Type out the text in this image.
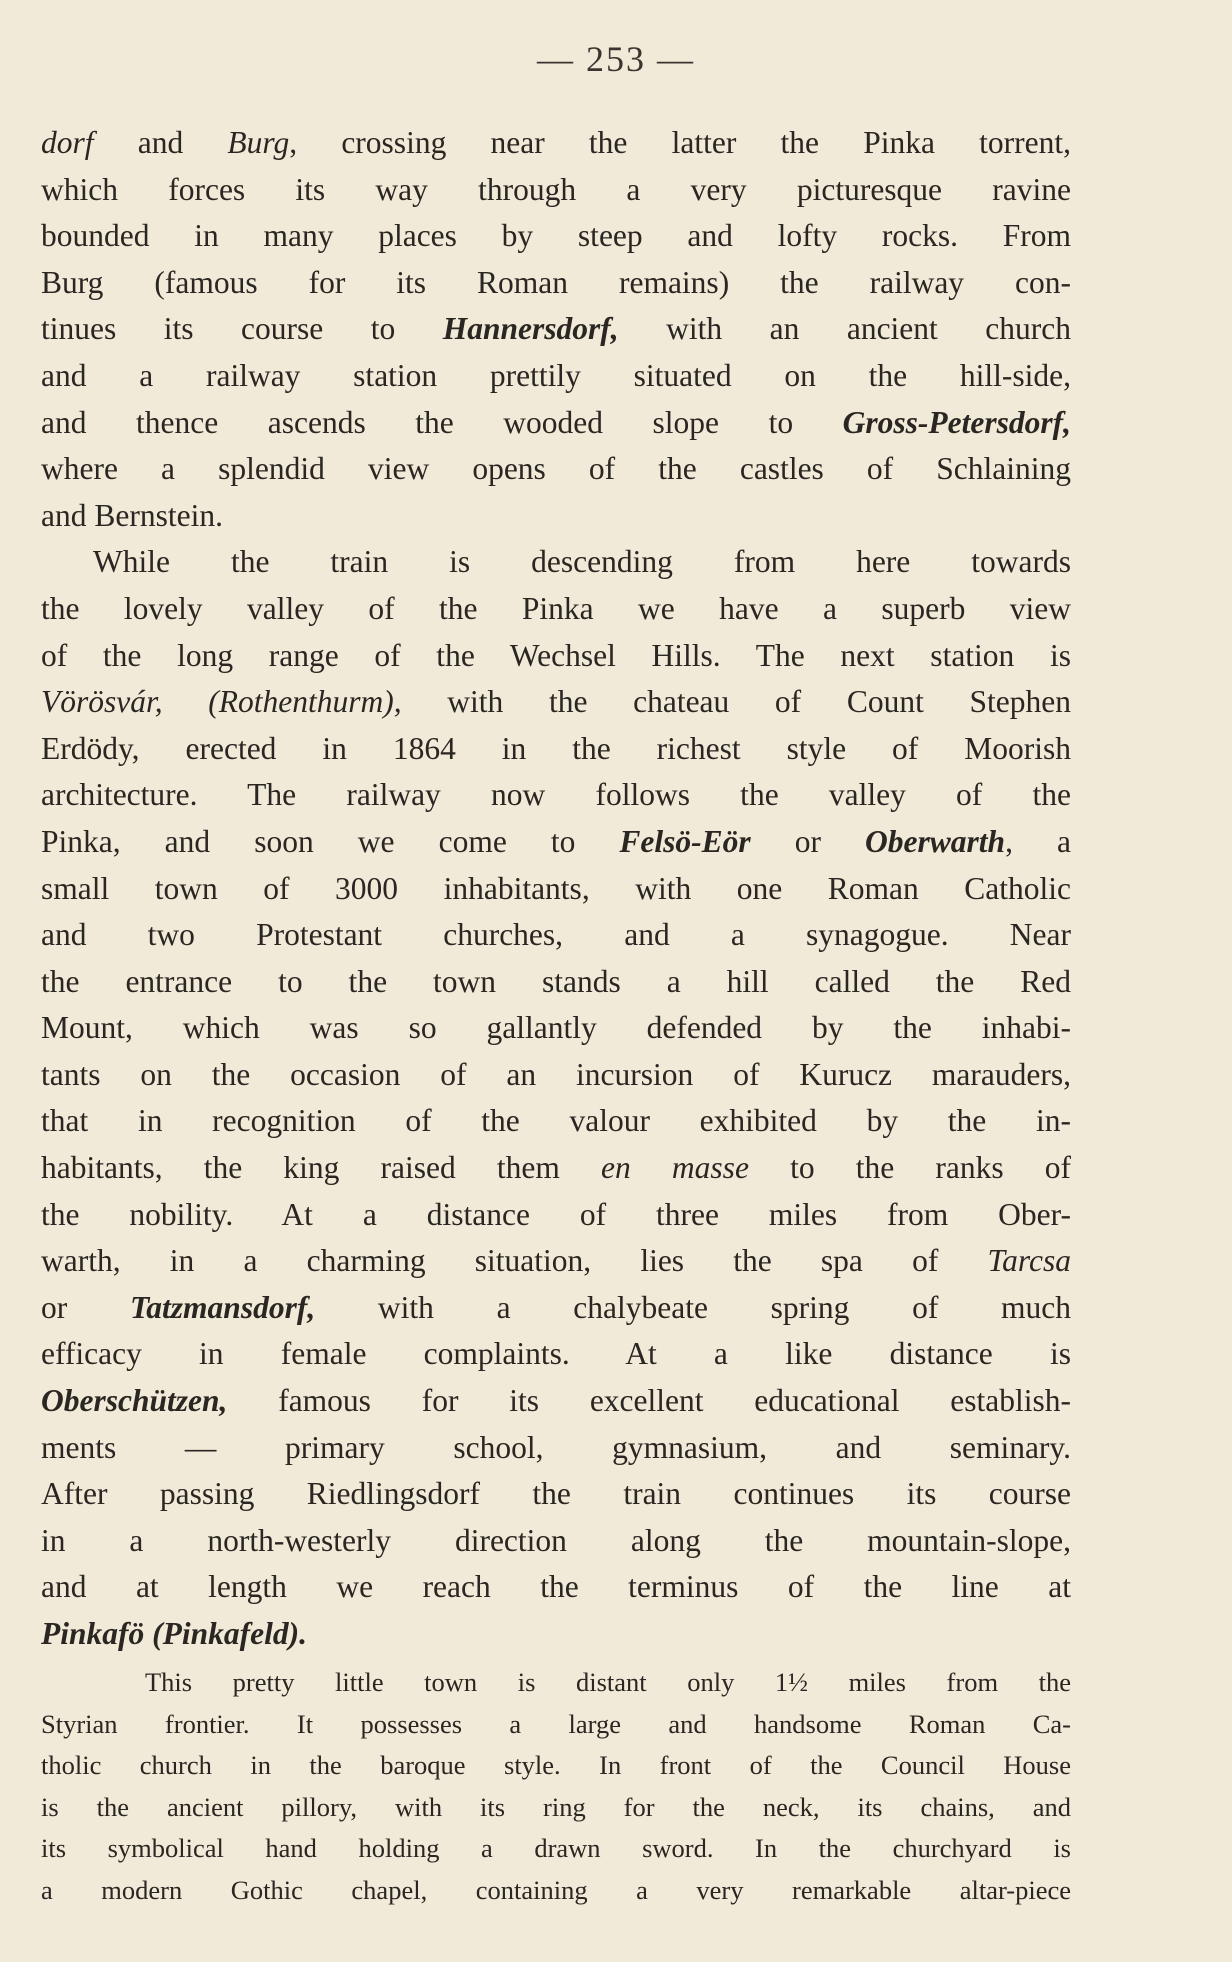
— 253 —
dorf and Burg, crossing near the latter the Pinka torrent,
which forces its way through a very picturesque ravine
bounded in many places by steep and lofty rocks. From
Burg (famous for its Roman remains) the railway con-
tinues its course to Hannersdorf, with an ancient church
and a railway station prettily situated on the hill-side,
and thence ascends the wooded slope to Gross-Petersdorf,
where a splendid view opens of the castles of Schlaining
and Bernstein.
While the train is descending from here towards
the lovely valley of the Pinka we have a superb view
of the long range of the Wechsel Hills. The next station is
Vörösvár, (Rothenthurm), with the chateau of Count Stephen
Erdödy, erected in 1864 in the richest style of Moorish
architecture. The railway now follows the valley of the
Pinka, and soon we come to Felsö-Eör or Oberwarth, a
small town of 3000 inhabitants, with one Roman Catholic
and two Protestant churches, and a synagogue. Near
the entrance to the town stands a hill called the Red
Mount, which was so gallantly defended by the inhabi-
tants on the occasion of an incursion of Kurucz marauders,
that in recognition of the valour exhibited by the in-
habitants, the king raised them en masse to the ranks of
the nobility. At a distance of three miles from Ober-
warth, in a charming situation, lies the spa of Tarcsa
or Tatzmansdorf, with a chalybeate spring of much
efficacy in female complaints. At a like distance is
Oberschützen, famous for its excellent educational establish-
ments — primary school, gymnasium, and seminary.
After passing Riedlingsdorf the train continues its course
in a north-westerly direction along the mountain-slope,
and at length we reach the terminus of the line at
Pinkafö (Pinkafeld).
This pretty little town is distant only 1½ miles from the
Styrian frontier. It possesses a large and handsome Roman Ca-
tholic church in the baroque style. In front of the Council House
is the ancient pillory, with its ring for the neck, its chains, and
its symbolical hand holding a drawn sword. In the churchyard is
a modern Gothic chapel, containing a very remarkable altar-piece
